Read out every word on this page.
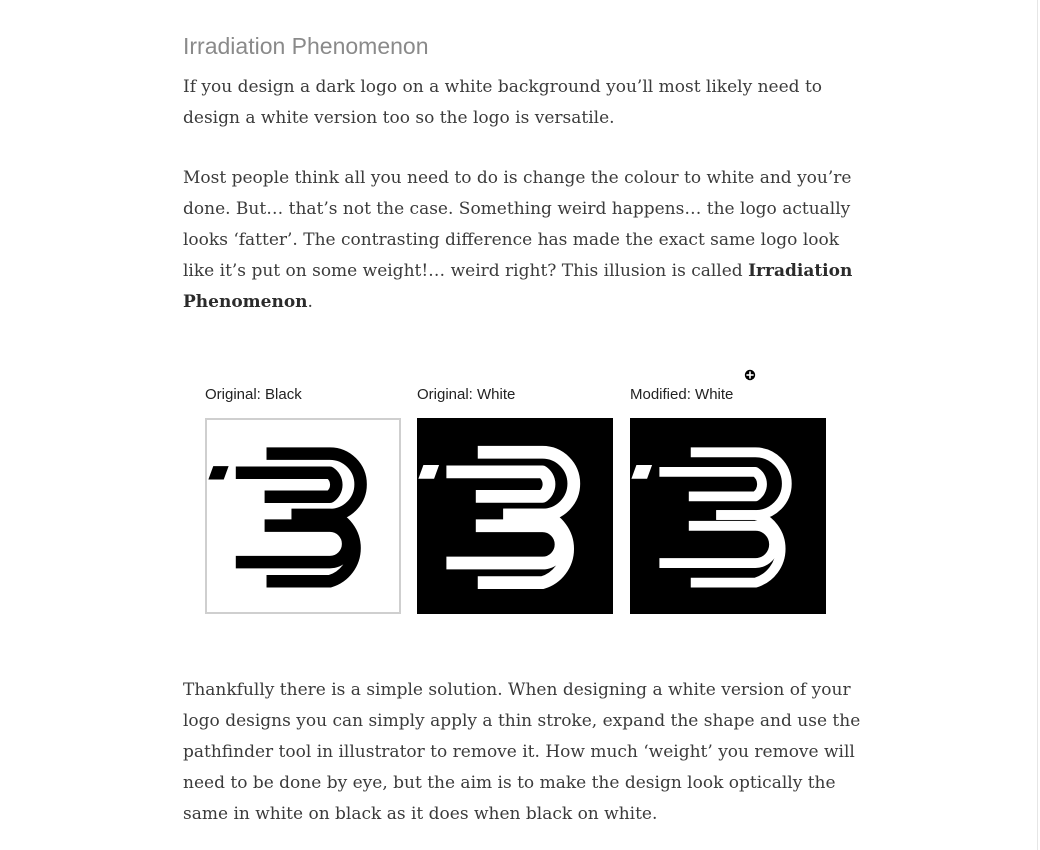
Irradiation Phenomenon

If you design a dark logo on a white background you’ll most likely need to
design a white version too so the logo is versatile.

Most people think all you need to do is change the colour to white and you’re
done. But… that’s not the case. Something weird happens… the logo actually
looks ‘fatter’. The contrasting difference has made the exact same logo look
like it’s put on some weight!… weird right? This illusion is called Irradiation
Phenomenon.

Thankfully there is a simple solution. When designing a white version of your
logo designs you can simply apply a thin stroke, expand the shape and use the
pathfinder tool in illustrator to remove it. How much ‘weight’ you remove will
need to be done by eye, but the aim is to make the design look optically the
same in white on black as it does when black on white.

Original: Black	Original: White	Modified: White
